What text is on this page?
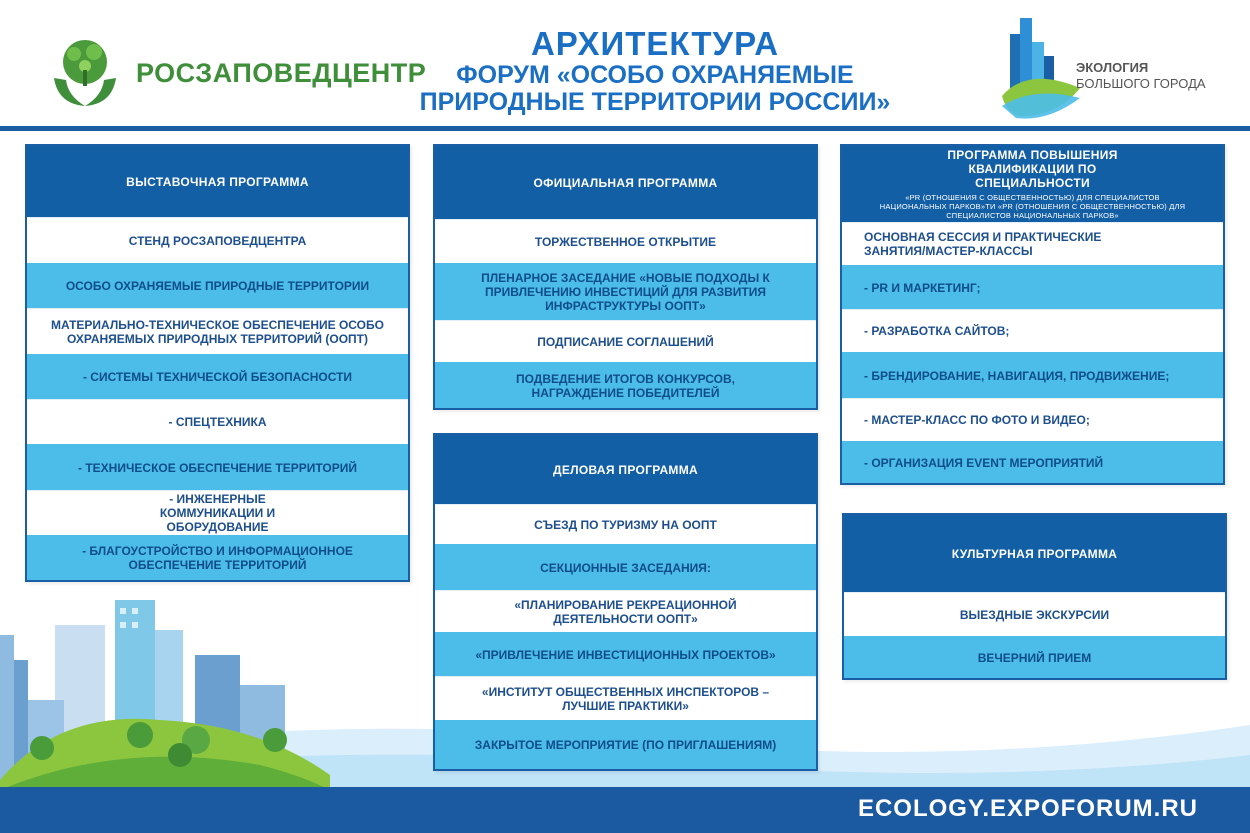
РОСЗАПОВЕДЦЕНТР
АРХИТЕКТУРА
ФОРУМ «ОСОБО ОХРАНЯЕМЫЕ
ПРИРОДНЫЕ ТЕРРИТОРИИ РОССИИ»
ЭКОЛОГИЯ
БОЛЬШОГО ГОРОДА
ВЫСТАВОЧНАЯ ПРОГРАММА
СТЕНД РОСЗАПОВЕДЦЕНТРА
ОСОБО ОХРАНЯЕМЫЕ ПРИРОДНЫЕ ТЕРРИТОРИИ
МАТЕРИАЛЬНО-ТЕХНИЧЕСКОЕ ОБЕСПЕЧЕНИЕ ОСОБО ОХРАНЯЕМЫХ ПРИРОДНЫХ ТЕРРИТОРИЙ (ООПТ)
- СИСТЕМЫ ТЕХНИЧЕСКОЙ БЕЗОПАСНОСТИ
- СПЕЦТЕХНИКА
- ТЕХНИЧЕСКОЕ ОБЕСПЕЧЕНИЕ ТЕРРИТОРИЙ
- ИНЖЕНЕРНЫЕ КОММУНИКАЦИИ И ОБОРУДОВАНИЕ
- БЛАГОУСТРОЙСТВО И ИНФОРМАЦИОННОЕ ОБЕСПЕЧЕНИЕ ТЕРРИТОРИЙ
ОФИЦИАЛЬНАЯ ПРОГРАММА
ТОРЖЕСТВЕННОЕ ОТКРЫТИЕ
ПЛЕНАРНОЕ ЗАСЕДАНИЕ «НОВЫЕ ПОДХОДЫ К ПРИВЛЕЧЕНИЮ ИНВЕСТИЦИЙ ДЛЯ РАЗВИТИЯ ИНФРАСТРУКТУРЫ ООПТ»
ПОДПИСАНИЕ СОГЛАШЕНИЙ
ПОДВЕДЕНИЕ ИТОГОВ КОНКУРСОВ, НАГРАЖДЕНИЕ ПОБЕДИТЕЛЕЙ
ДЕЛОВАЯ ПРОГРАММА
СЪЕЗД ПО ТУРИЗМУ НА ООПТ
СЕКЦИОННЫЕ ЗАСЕДАНИЯ:
«ПЛАНИРОВАНИЕ РЕКРЕАЦИОННОЙ ДЕЯТЕЛЬНОСТИ ООПТ»
«ПРИВЛЕЧЕНИЕ ИНВЕСТИЦИОННЫХ ПРОЕКТОВ»
«ИНСТИТУТ ОБЩЕСТВЕННЫХ ИНСПЕКТОРОВ – ЛУЧШИЕ ПРАКТИКИ»
ЗАКРЫТОЕ МЕРОПРИЯТИЕ (ПО ПРИГЛАШЕНИЯМ)
ПРОГРАММА ПОВЫШЕНИЯ КВАЛИФИКАЦИИ ПО СПЕЦИАЛЬНОСТИ
«PR (ОТНОШЕНИЯ С ОБЩЕСТВЕННОСТЬЮ) ДЛЯ СПЕЦИАЛИСТОВ НАЦИОНАЛЬНЫХ ПАРКОВ»ТИ «PR (ОТНОШЕНИЯ С ОБЩЕСТВЕННОСТЬЮ) ДЛЯ СПЕЦИАЛИСТОВ НАЦИОНАЛЬНЫХ ПАРКОВ»
ОСНОВНАЯ СЕССИЯ И ПРАКТИЧЕСКИЕ ЗАНЯТИЯ/МАСТЕР-КЛАССЫ
- PR И МАРКЕТИНГ;
- РАЗРАБОТКА САЙТОВ;
- БРЕНДИРОВАНИЕ, НАВИГАЦИЯ, ПРОДВИЖЕНИЕ;
- МАСТЕР-КЛАСС ПО ФОТО И ВИДЕО;
- ОРГАНИЗАЦИЯ EVENT МЕРОПРИЯТИЙ
КУЛЬТУРНАЯ ПРОГРАММА
ВЫЕЗДНЫЕ ЭКСКУРСИИ
ВЕЧЕРНИЙ ПРИЕМ
ECOLOGY.EXPOFORUM.RU
